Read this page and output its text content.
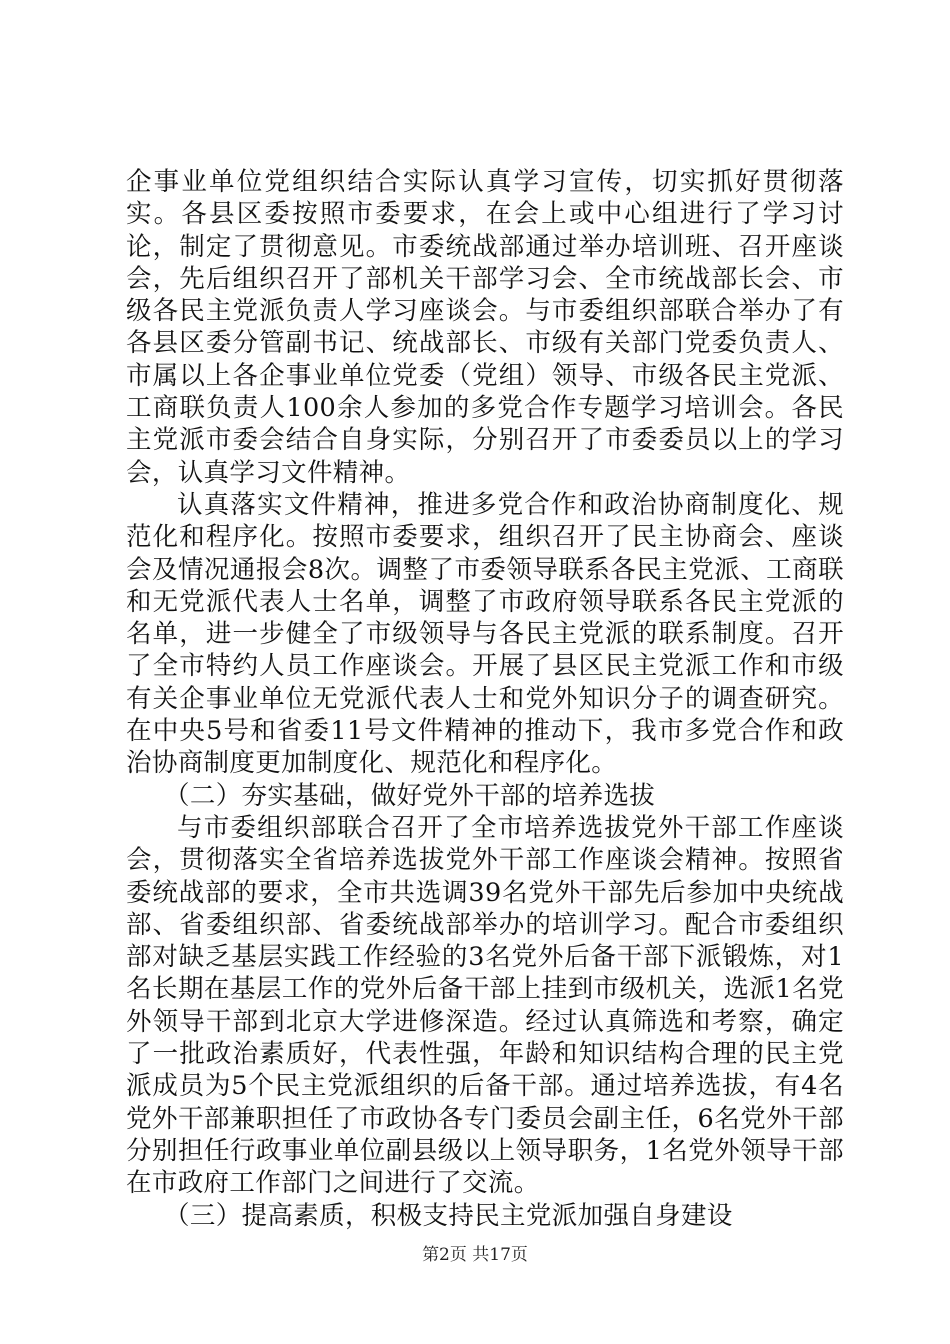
企事业单位党组织结合实际认真学习宣传，切实抓好贯彻落实。各县区委按照市委要求，在会上或中心组进行了学习讨论，制定了贯彻意见。市委统战部通过举办培训班、召开座谈会，先后组织召开了部机关干部学习会、全市统战部长会、市级各民主党派负责人学习座谈会。与市委组织部联合举办了有各县区委分管副书记、统战部长、市级有关部门党委负责人、市属以上各企事业单位党委（党组）领导、市级各民主党派、工商联负责人100余人参加的多党合作专题学习培训会。各民主党派市委会结合自身实际，分别召开了市委委员以上的学习会，认真学习文件精神。

认真落实文件精神，推进多党合作和政治协商制度化、规范化和程序化。按照市委要求，组织召开了民主协商会、座谈会及情况通报会8次。调整了市委领导联系各民主党派、工商联和无党派代表人士名单，调整了市政府领导联系各民主党派的名单，进一步健全了市级领导与各民主党派的联系制度。召开了全市特约人员工作座谈会。开展了县区民主党派工作和市级有关企事业单位无党派代表人士和党外知识分子的调查研究。在中央5号和省委11号文件精神的推动下，我市多党合作和政治协商制度更加制度化、规范化和程序化。

（二）夯实基础，做好党外干部的培养选拔

与市委组织部联合召开了全市培养选拔党外干部工作座谈会，贯彻落实全省培养选拔党外干部工作座谈会精神。按照省委统战部的要求，全市共选调39名党外干部先后参加中央统战部、省委组织部、省委统战部举办的培训学习。配合市委组织部对缺乏基层实践工作经验的3名党外后备干部下派锻炼，对1名长期在基层工作的党外后备干部上挂到市级机关，选派1名党外领导干部到北京大学进修深造。经过认真筛选和考察，确定了一批政治素质好，代表性强，年龄和知识结构合理的民主党派成员为5个民主党派组织的后备干部。通过培养选拔，有4名党外干部兼职担任了市政协各专门委员会副主任，6名党外干部分别担任行政事业单位副县级以上领导职务，1名党外领导干部在市政府工作部门之间进行了交流。

（三）提高素质，积极支持民主党派加强自身建设

第2页 共17页
